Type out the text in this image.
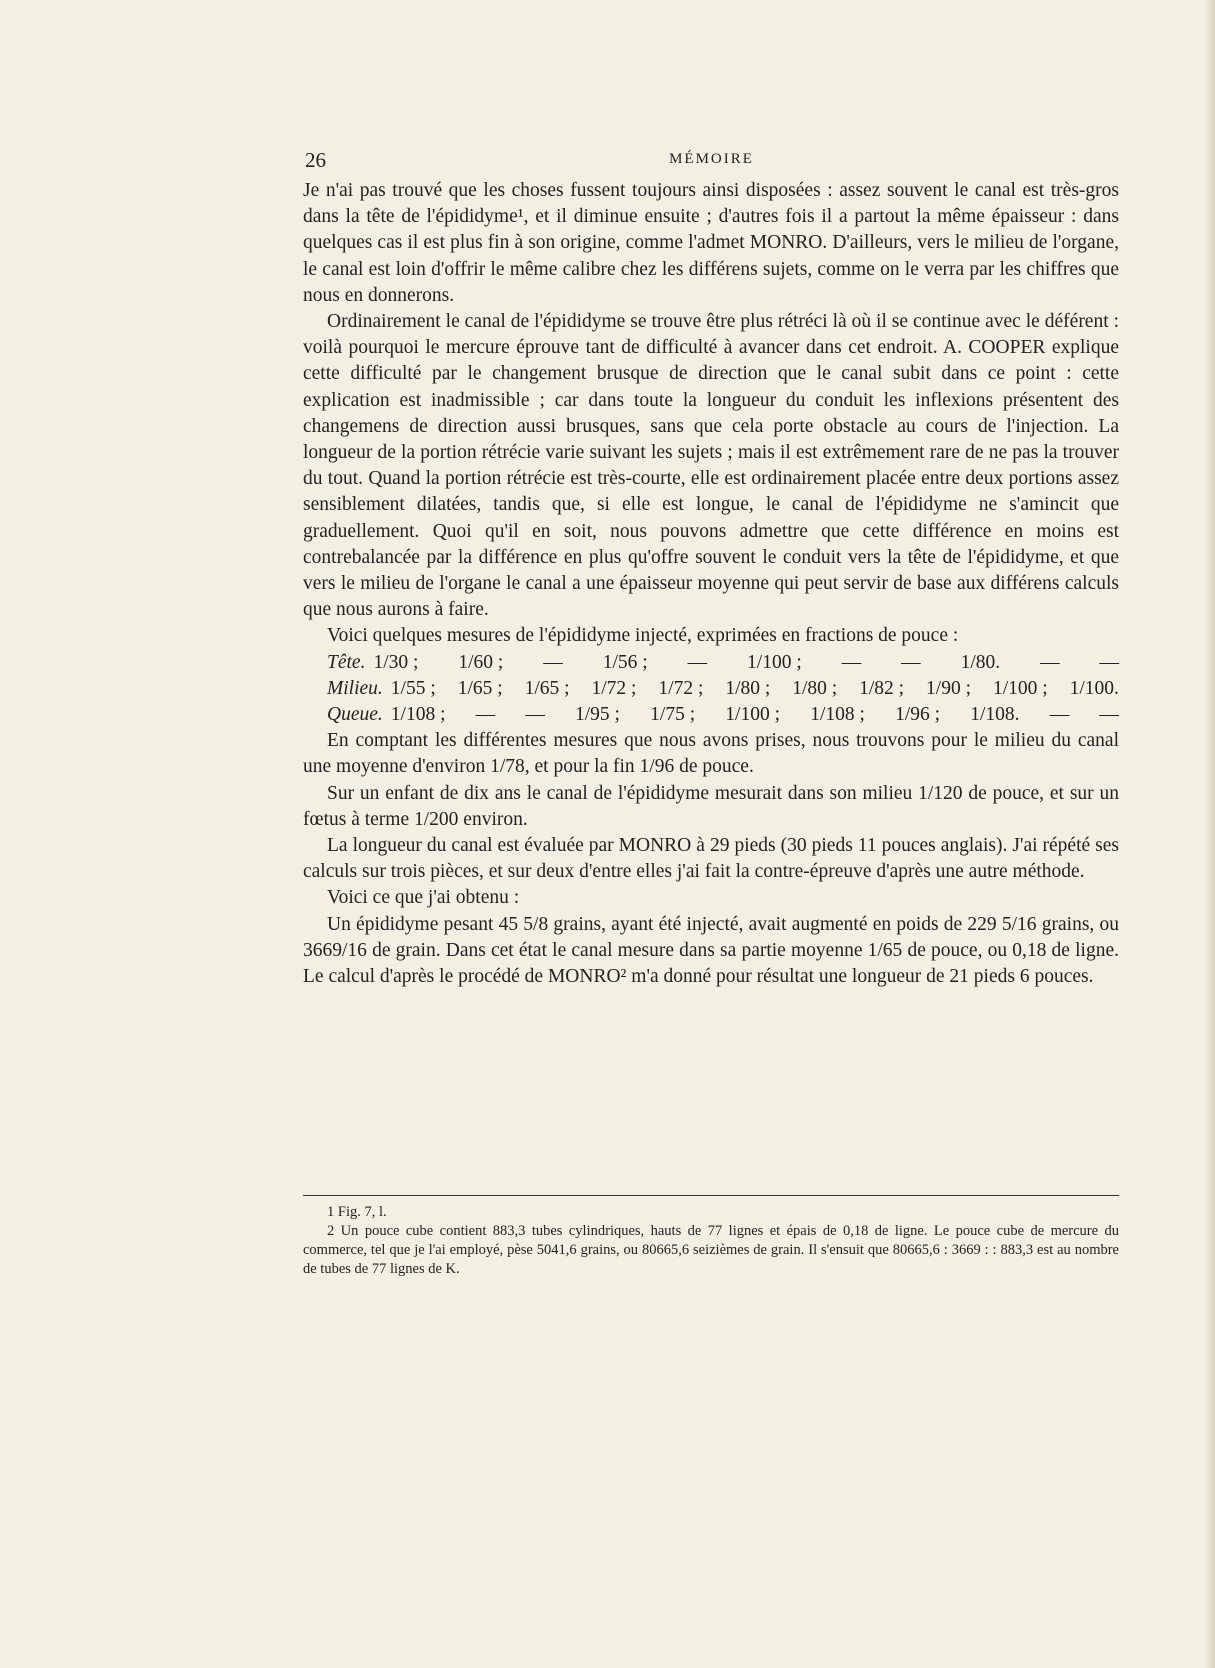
26	MÉMOIRE

Je n'ai pas trouvé que les choses fussent toujours ainsi disposées : assez souvent le canal est très-gros dans la tête de l'épididyme¹, et il diminue ensuite ; d'autres fois il a partout la même épaisseur : dans quelques cas il est plus fin à son origine, comme l'admet MONRO. D'ailleurs, vers le milieu de l'organe, le canal est loin d'offrir le même calibre chez les différens sujets, comme on le verra par les chiffres que nous en donnerons.

Ordinairement le canal de l'épididyme se trouve être plus rétréci là où il se continue avec le déférent : voilà pourquoi le mercure éprouve tant de difficulté à avancer dans cet endroit. A. COOPER explique cette difficulté par le changement brusque de direction que le canal subit dans ce point : cette explication est inadmissible ; car dans toute la longueur du conduit les inflexions présentent des changemens de direction aussi brusques, sans que cela porte obstacle au cours de l'injection. La longueur de la portion rétrécie varie suivant les sujets ; mais il est extrêmement rare de ne pas la trouver du tout. Quand la portion rétrécie est très-courte, elle est ordinairement placée entre deux portions assez sensiblement dilatées, tandis que, si elle est longue, le canal de l'épididyme ne s'amincit que graduellement. Quoi qu'il en soit, nous pouvons admettre que cette différence en moins est contrebalancée par la différence en plus qu'offre souvent le conduit vers la tête de l'épididyme, et que vers le milieu de l'organe le canal a une épaisseur moyenne qui peut servir de base aux différens calculs que nous aurons à faire.

Voici quelques mesures de l'épididyme injecté, exprimées en fractions de pouce :

Tête. 1/30 ; 1/60 ; — 1/56 ; — 1/100 ; — — 1/80. — —
Milieu. 1/55 ; 1/65 ; 1/65 ; 1/72 ; 1/72 ; 1/80 ; 1/80 ; 1/82 ; 1/90 ; 1/100 ; 1/100.
Queue. 1/108 ; — — 1/95 ; 1/75 ; 1/100 ; 1/108 ; 1/96 ; 1/108. — —

En comptant les différentes mesures que nous avons prises, nous trouvons pour le milieu du canal une moyenne d'environ 1/78, et pour la fin 1/96 de pouce.

Sur un enfant de dix ans le canal de l'épididyme mesurait dans son milieu 1/120 de pouce, et sur un fœtus à terme 1/200 environ.

La longueur du canal est évaluée par MONRO à 29 pieds (30 pieds 11 pouces anglais). J'ai répété ses calculs sur trois pièces, et sur deux d'entre elles j'ai fait la contre-épreuve d'après une autre méthode.

Voici ce que j'ai obtenu :

Un épididyme pesant 45 5/8 grains, ayant été injecté, avait augmenté en poids de 229 5/16 grains, ou 3669/16 de grain. Dans cet état le canal mesure dans sa partie moyenne 1/65 de pouce, ou 0,18 de ligne. Le calcul d'après le procédé de MONRO² m'a donné pour résultat une longueur de 21 pieds 6 pouces.

1 Fig. 7, l.

2 Un pouce cube contient 883,3 tubes cylindriques, hauts de 77 lignes et épais de 0,18 de ligne. Le pouce cube de mercure du commerce, tel que je l'ai employé, pèse 5041,6 grains, ou 80665,6 seizièmes de grain. Il s'ensuit que 80665,6 : 3669 : : 883,3 est au nombre de tubes de 77 lignes de K.
